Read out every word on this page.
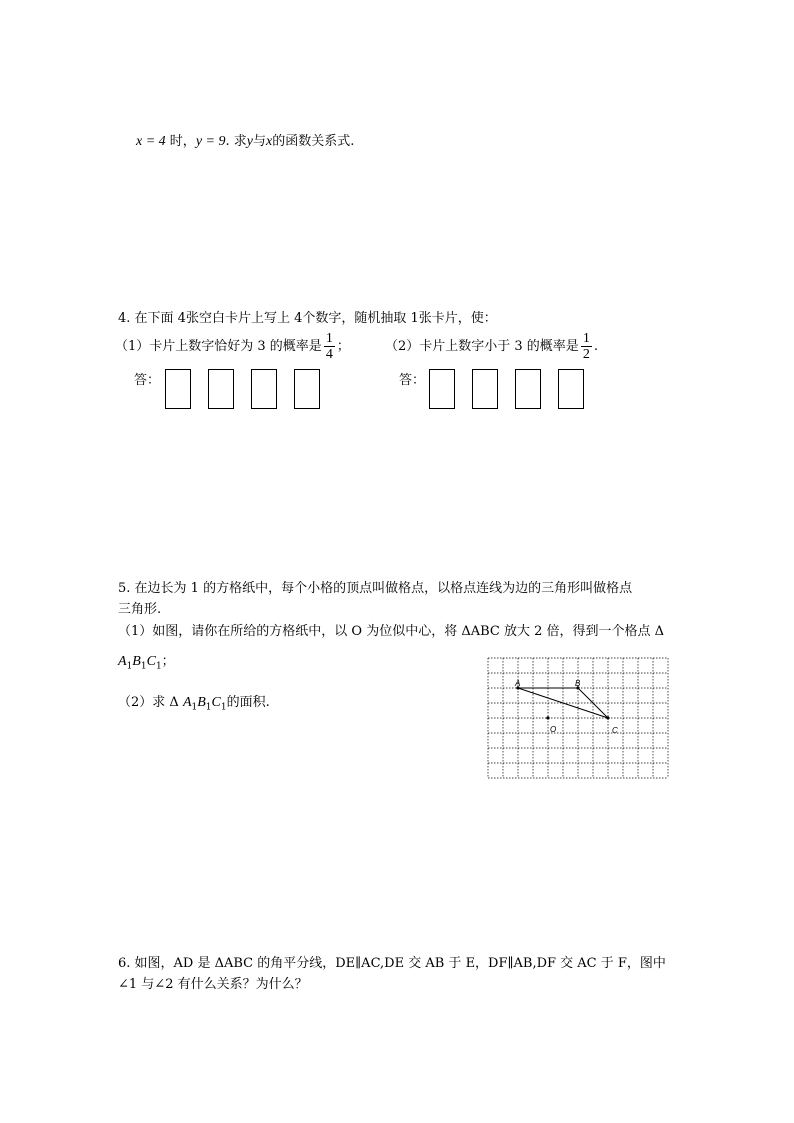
x = 4 时，y = 9. 求y与x的函数关系式.
4. 在下面 4张空白卡片上写上 4个数字，随机抽取 1张卡片，使：
（1）卡片上数字恰好为 3 的概率是 $\frac{1}{4}$ ；	（2）卡片上数字小于 3 的概率是 $\frac{1}{2}$ .
答：	答：
5. 在边长为 1 的方格纸中，每个小格的顶点叫做格点，以格点连线为边的三角形叫做格点
三角形.
（1）如图，请你在所给的方格纸中，以 O 为位似中心，将 ΔABC 放大 2 倍，得到一个格点 Δ
$A_1B_1C_1$；
（2）求 Δ $A_1B_1C_1$的面积.
A	B
O	C
6. 如图，AD 是 ΔABC 的角平分线，DE∥AC,DE 交 AB 于 E，DF∥AB,DF 交 AC 于 F，图中
∠1 与∠2 有什么关系？为什么？
